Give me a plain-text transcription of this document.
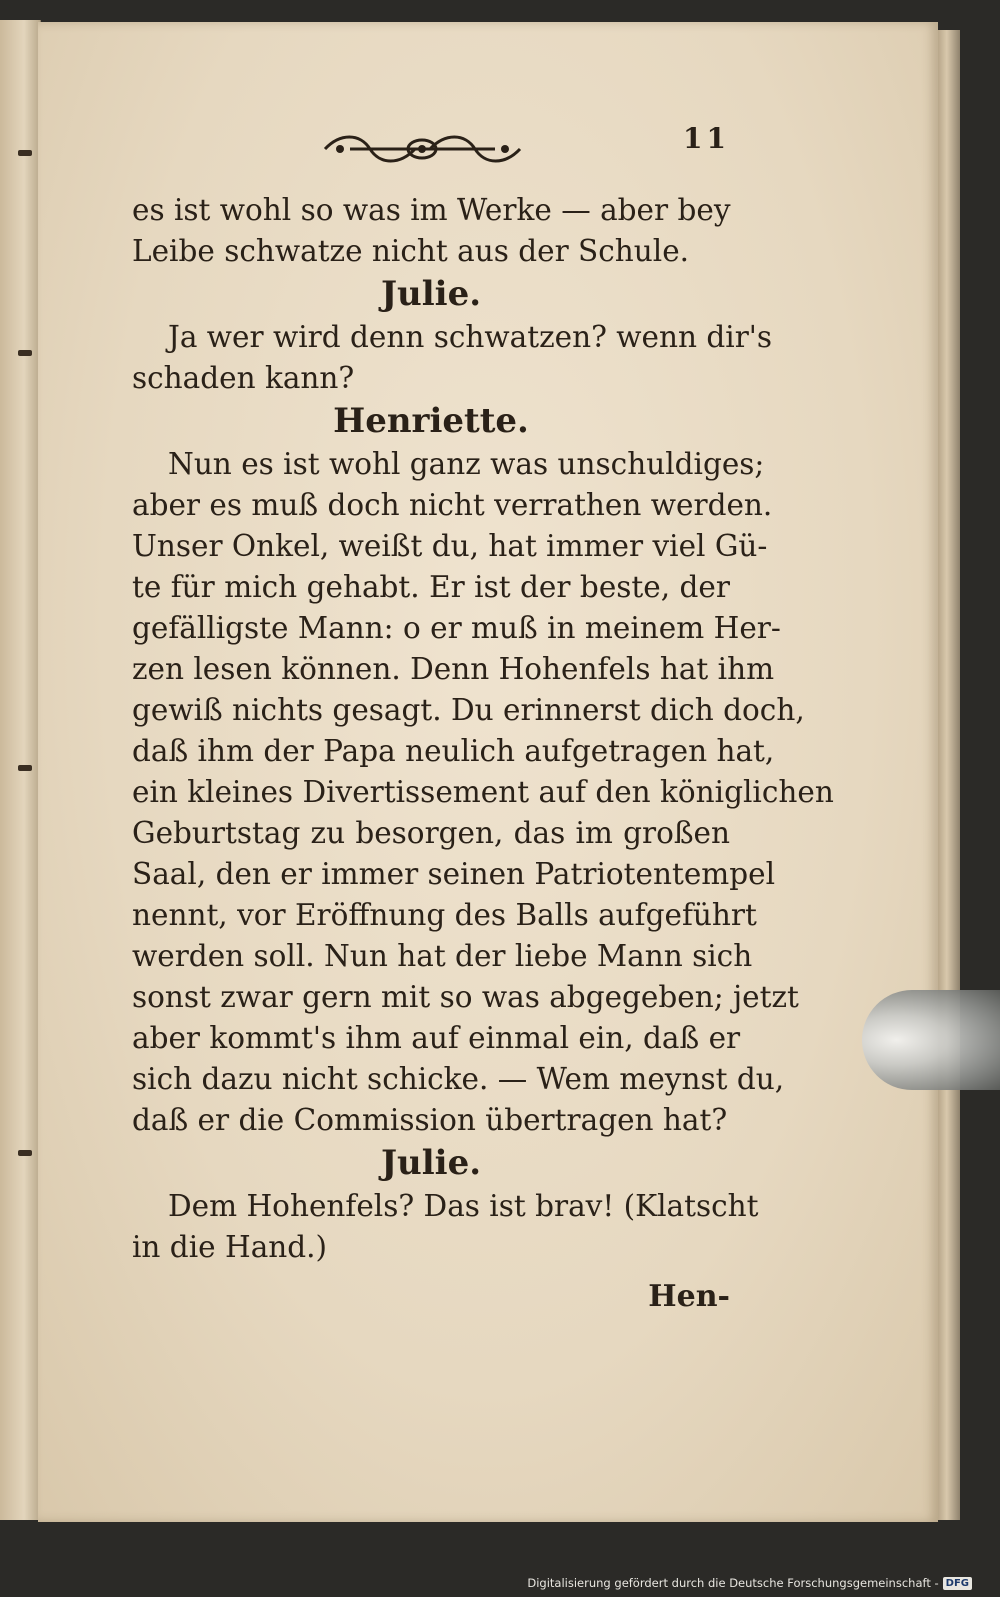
11
es ist wohl so was im Werke — aber bey
Leibe schwatze nicht aus der Schule.
Julie.
Ja wer wird denn schwatzen? wenn dir's
schaden kann?
Henriette.
Nun es ist wohl ganz was unschuldiges;
aber es muß doch nicht verrathen werden.
Unser Onkel, weißt du, hat immer viel Gü-
te für mich gehabt. Er ist der beste, der
gefälligste Mann: o er muß in meinem Her-
zen lesen können. Denn Hohenfels hat ihm
gewiß nichts gesagt. Du erinnerst dich doch,
daß ihm der Papa neulich aufgetragen hat,
ein kleines Divertissement auf den königlichen
Geburtstag zu besorgen, das im großen
Saal, den er immer seinen Patriotentempel
nennt, vor Eröffnung des Balls aufgeführt
werden soll. Nun hat der liebe Mann sich
sonst zwar gern mit so was abgegeben; jetzt
aber kommt's ihm auf einmal ein, daß er
sich dazu nicht schicke. — Wem meynst du,
daß er die Commission übertragen hat?
Julie.
Dem Hohenfels? Das ist brav! (Klatscht
in die Hand.)
Hen-
Digitalisierung gefördert durch die Deutsche Forschungsgemeinschaft - DFG
